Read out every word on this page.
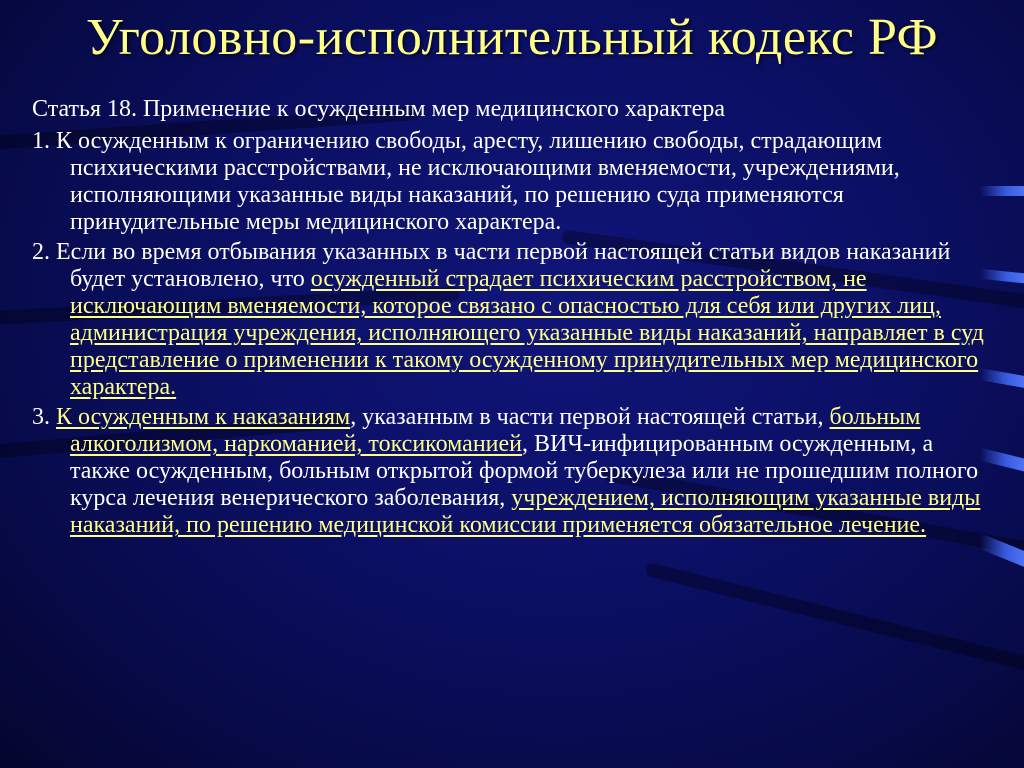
Уголовно-исполнительный кодекс РФ

Статья 18. Применение к осужденным мер медицинского характера

1. К осужденным к ограничению свободы, аресту, лишению свободы, страдающим психическими расстройствами, не исключающими вменяемости, учреждениями, исполняющими указанные виды наказаний, по решению суда применяются принудительные меры медицинского характера.

2. Если во время отбывания указанных в части первой настоящей статьи видов наказаний будет установлено, что осужденный страдает психическим расстройством, не исключающим вменяемости, которое связано с опасностью для себя или других лиц, администрация учреждения, исполняющего указанные виды наказаний, направляет в суд представление о применении к такому осужденному принудительных мер медицинского характера.

3. К осужденным к наказаниям, указанным в части первой настоящей статьи, больным алкоголизмом, наркоманией, токсикоманией, ВИЧ-инфицированным осужденным, а также осужденным, больным открытой формой туберкулеза или не прошедшим полного курса лечения венерического заболевания, учреждением, исполняющим указанные виды наказаний, по решению медицинской комиссии применяется обязательное лечение.
